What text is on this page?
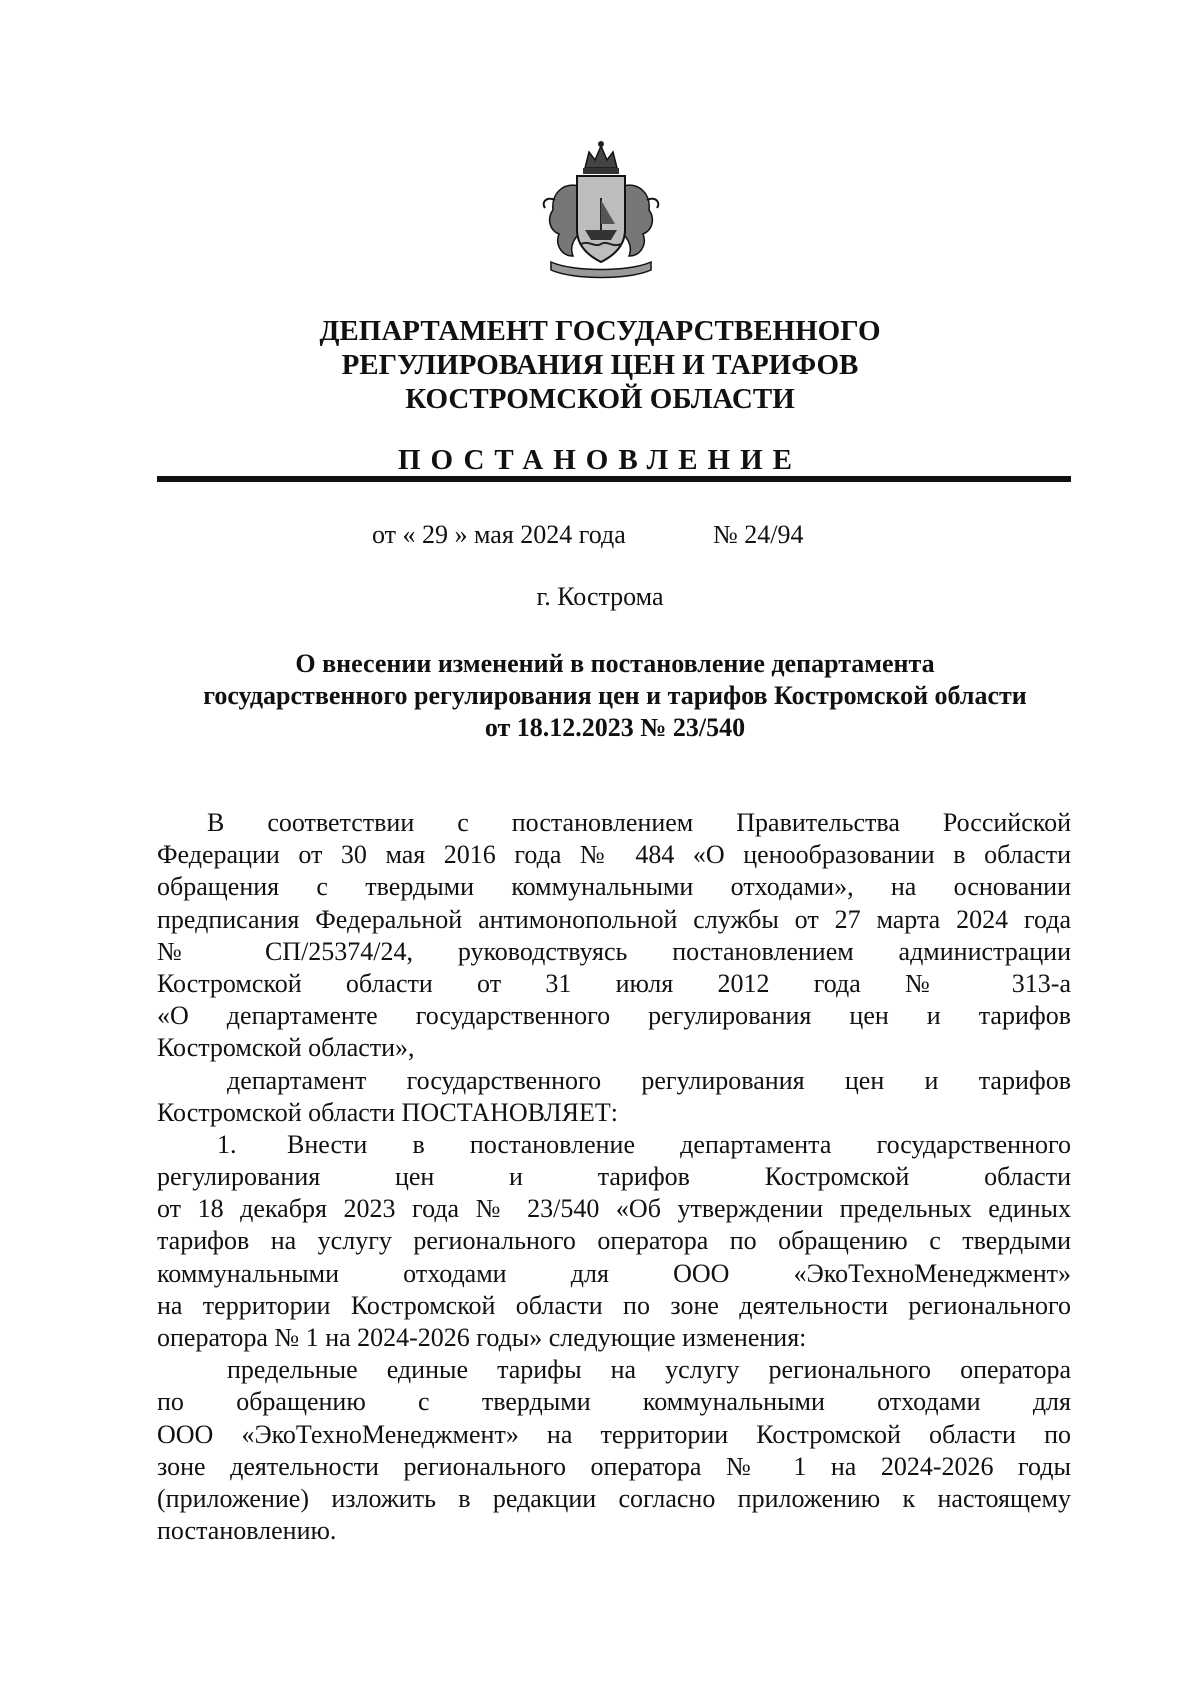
ДЕПАРТАМЕНТ ГОСУДАРСТВЕННОГО
РЕГУЛИРОВАНИЯ ЦЕН И ТАРИФОВ
КОСТРОМСКОЙ ОБЛАСТИ
ПОСТАНОВЛЕНИЕ
от « 29 » мая 2024 года	№ 24/94
г. Кострома
О внесении изменений в постановление департамента
государственного регулирования цен и тарифов Костромской области
от 18.12.2023 № 23/540
В соответствии с постановлением Правительства Российской
Федерации от 30 мая 2016 года № 484 «О ценообразовании в области
обращения с твердыми коммунальными отходами», на основании
предписания Федеральной антимонопольной службы от 27 марта 2024 года
№ СП/25374/24, руководствуясь постановлением администрации
Костромской области от 31 июля 2012 года № 313-а
«О департаменте государственного регулирования цен и тарифов
Костромской области»,
департамент государственного регулирования цен и тарифов
Костромской области ПОСТАНОВЛЯЕТ:
1.	Внести в постановление департамента государственного
регулирования цен и тарифов Костромской области
от 18 декабря 2023 года № 23/540 «Об утверждении предельных единых
тарифов на услугу регионального оператора по обращению с твердыми
коммунальными отходами для ООО «ЭкоТехноМенеджмент»
на территории Костромской области по зоне деятельности регионального
оператора № 1 на 2024-2026 годы» следующие изменения:
предельные единые тарифы на услугу регионального оператора
по обращению с твердыми коммунальными отходами для
ООО «ЭкоТехноМенеджмент» на территории Костромской области по
зоне деятельности регионального оператора № 1 на 2024-2026 годы
(приложение) изложить в редакции согласно приложению к настоящему
постановлению.
